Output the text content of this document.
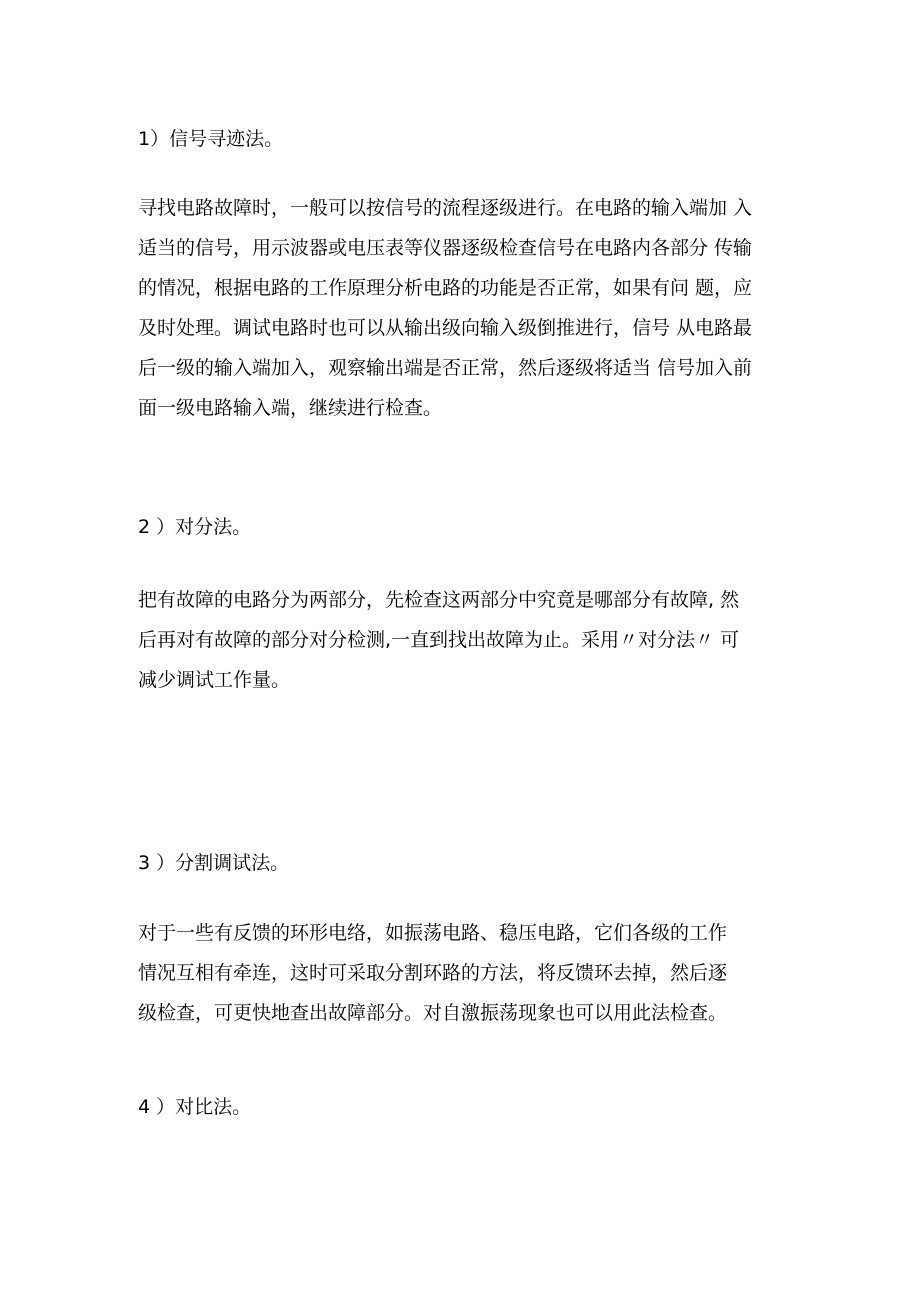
1）信号寻迹法。
寻找电路故障时，一般可以按信号的流程逐级进行。在电路的输入端加 入
适当的信号，用示波器或电压表等仪器逐级检查信号在电路内各部分 传输
的情况，根据电路的工作原理分析电路的功能是否正常，如果有问 题，应
及时处理。调试电路时也可以从输出级向输入级倒推进行，信号 从电路最
后一级的输入端加入，观察输出端是否正常，然后逐级将适当 信号加入前
面一级电路输入端，继续进行检查。
2 ）对分法。
把有故障的电路分为两部分，先检查这两部分中究竟是哪部分有故障, 然
后再对有故障的部分对分检测,一直到找出故障为止。采用〃对分法〃 可
减少调试工作量。
3 ）分割调试法。
对于一些有反馈的环形电络，如振荡电路、稳压电路，它们各级的工作
情况互相有牵连，这时可采取分割环路的方法，将反馈环去掉，然后逐
级检查，可更快地查出故障部分。对自激振荡现象也可以用此法检查。
4 ）对比法。
